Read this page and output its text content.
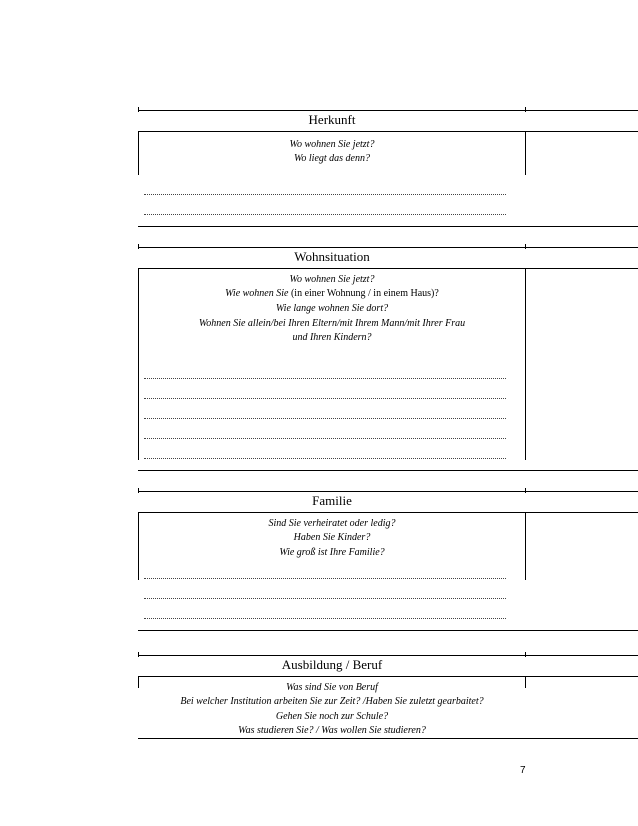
Herkunft
Wo wohnen Sie jetzt?
Wo liegt das denn?
Wohnsituation
Wo wohnen Sie jetzt?
Wie wohnen Sie (in einer Wohnung / in einem Haus)?
Wie lange wohnen Sie dort?
Wohnen Sie allein/bei Ihren Eltern/mit Ihrem Mann/mit Ihrer Frau
und Ihren Kindern?
Familie
Sind Sie verheiratet oder ledig?
Haben Sie Kinder?
Wie groß ist Ihre Familie?
Ausbildung / Beruf
Was sind Sie von Beruf
Bei welcher Institution arbeiten Sie zur Zeit? /Haben Sie zuletzt gearbaitet?
Gehen Sie noch zur Schule?
Was studieren Sie? / Was wollen Sie studieren?
7
